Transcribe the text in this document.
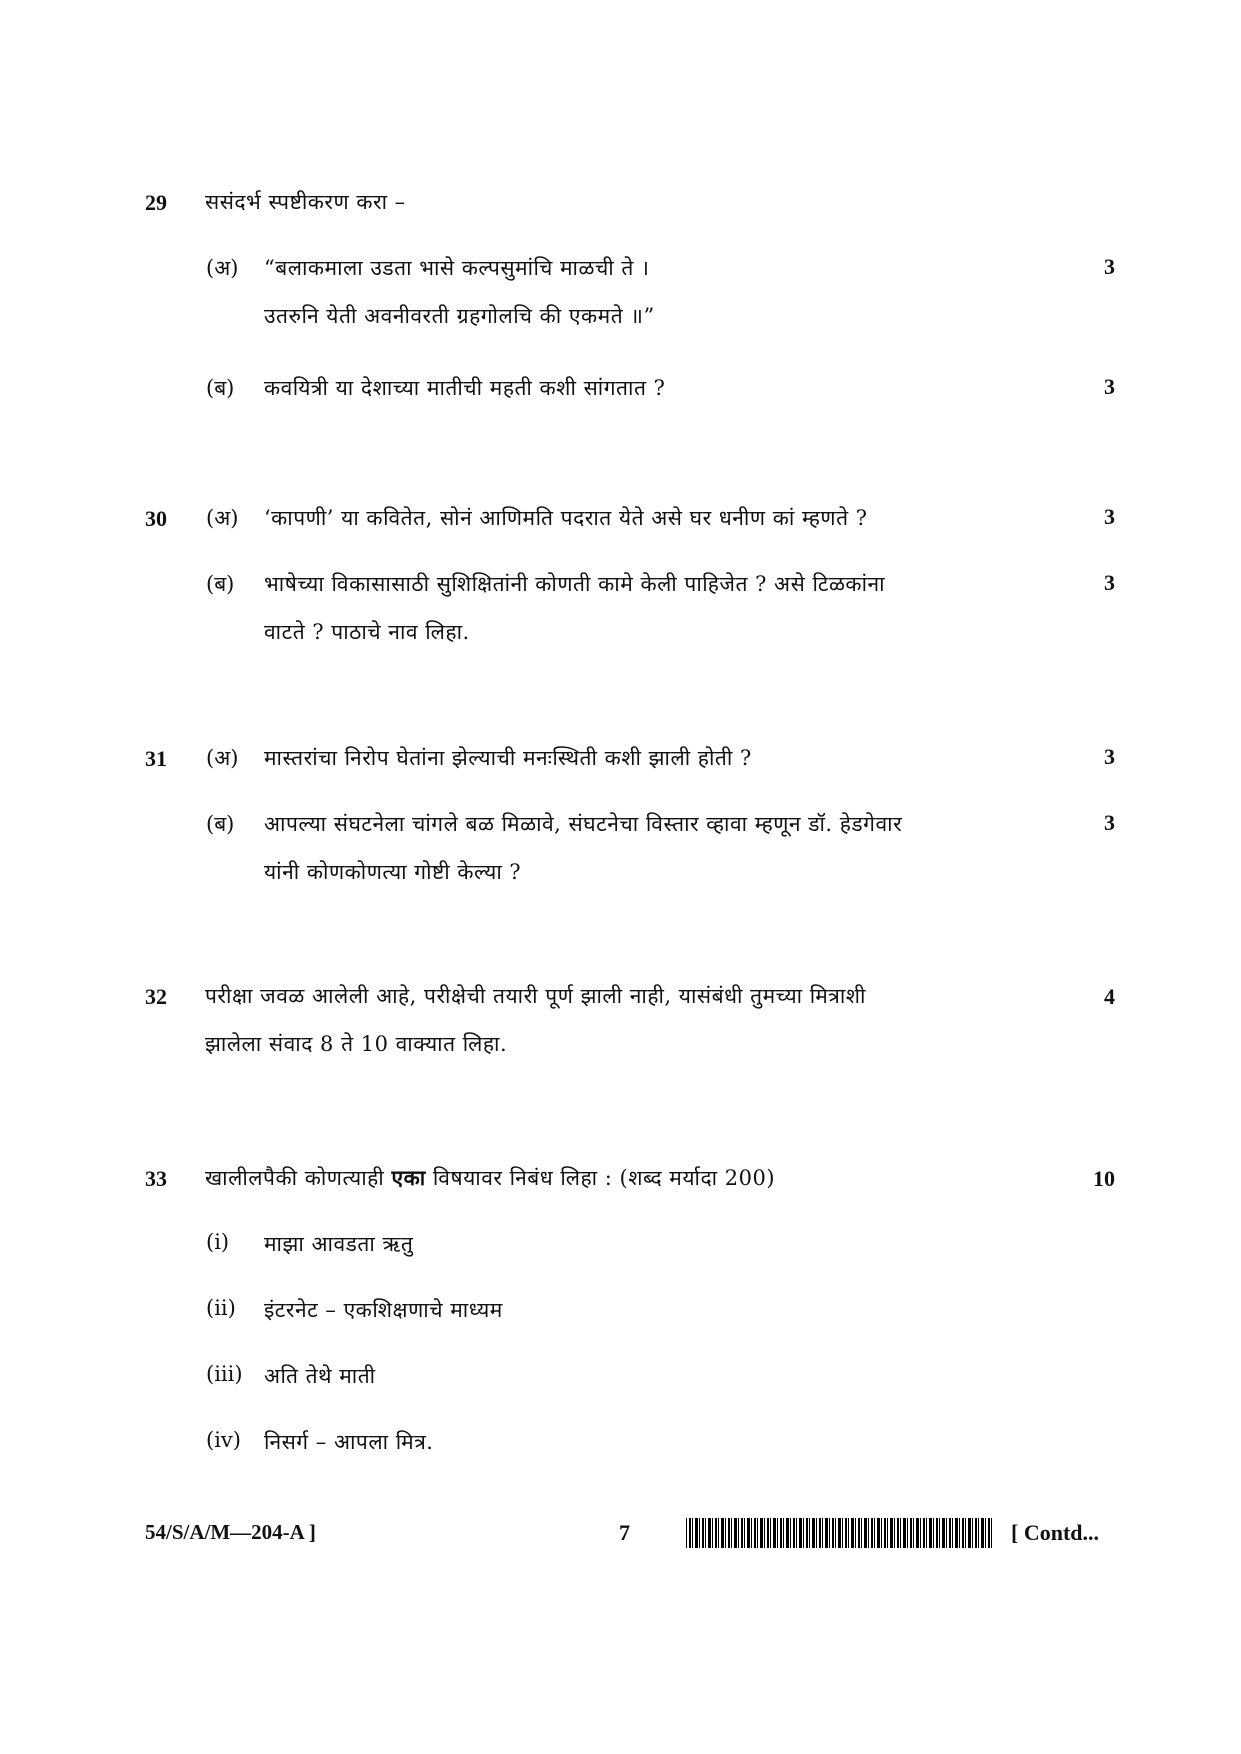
29 ससंदर्भ स्पष्टीकरण करा –
(अ) “बलाकमाला उडता भासे कल्पसुमांचि माळची ते ।	3
उतरुनि येती अवनीवरती ग्रहगोलचि की एकमते ॥”
(ब) कवयित्री या देशाच्या मातीची महती कशी सांगतात ?	3
30 (अ) ‘कापणी’ या कवितेत, सोनं आणिमति पदरात येते असे घर धनीण कां म्हणते ?	3
(ब) भाषेच्या विकासासाठी सुशिक्षितांनी कोणती कामे केली पाहिजेत ? असे टिळकांना	3
वाटते ? पाठाचे नाव लिहा.
31 (अ) मास्तरांचा निरोप घेतांना झेल्याची मनःस्थिती कशी झाली होती ?	3
(ब) आपल्या संघटनेला चांगले बळ मिळावे, संघटनेचा विस्तार व्हावा म्हणून डॉ. हेडगेवार	3
यांनी कोणकोणत्या गोष्टी केल्या ?
32 परीक्षा जवळ आलेली आहे, परीक्षेची तयारी पूर्ण झाली नाही, यासंबंधी तुमच्या मित्राशी	4
झालेला संवाद 8 ते 10 वाक्यात लिहा.
33 खालीलपैकी कोणत्याही एका विषयावर निबंध लिहा : (शब्द मर्यादा 200)	10
(i) माझा आवडता ऋतु
(ii) इंटरनेट – एकशिक्षणाचे माध्यम
(iii) अति तेथे माती
(iv) निसर्ग – आपला मित्र.
54/S/A/M—204-A ]	7	[ Contd...
